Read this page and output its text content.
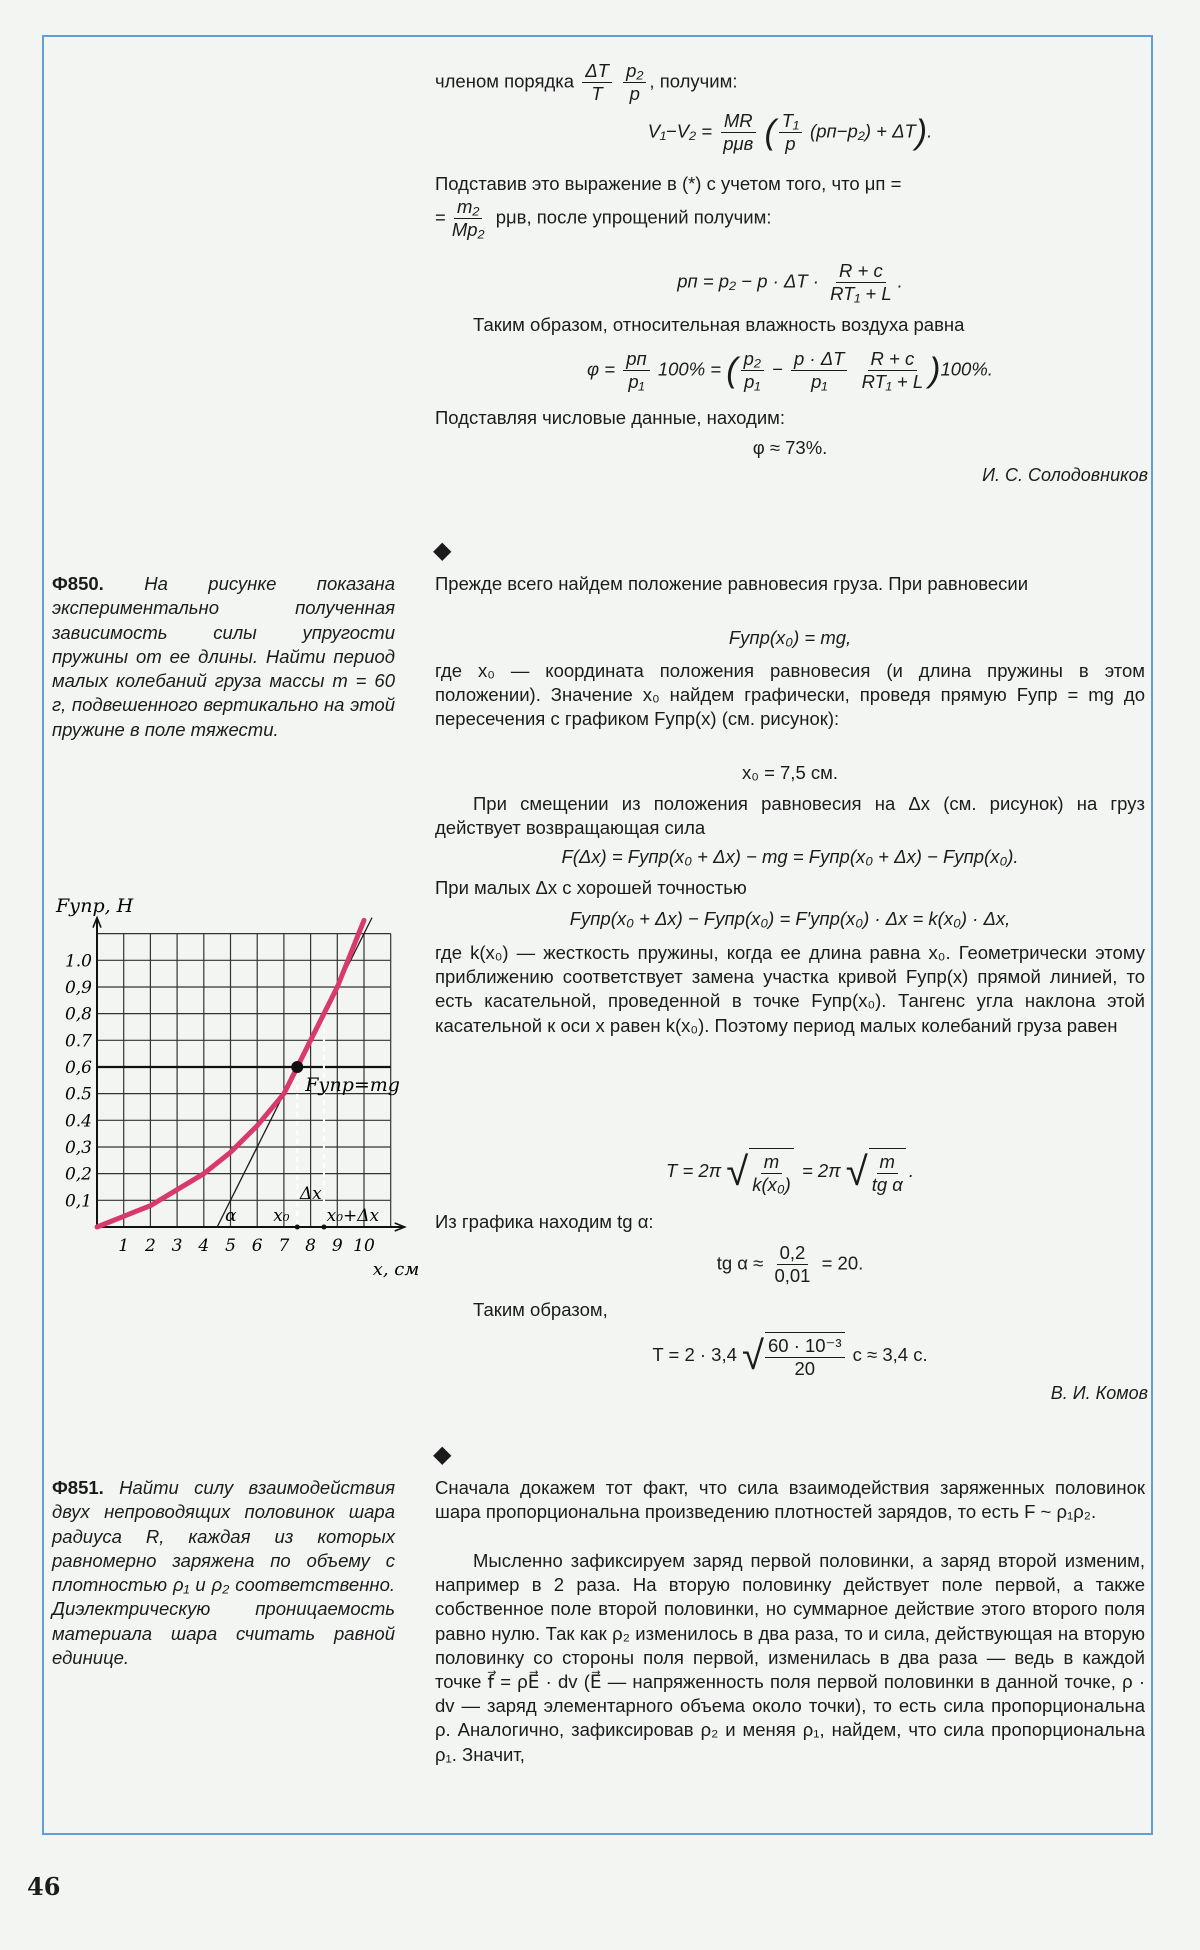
членом порядка $\frac{\Delta T}{T}$
$\frac{\text{p₂}}{p}$ , получим:
$V_1-V_2 = \frac{MR}{\text{pμв}}$ ( $\frac{\text{T₁}}{p} (pп-p_2) + \Delta T$).
Подставив это выражение в (*) с учетом того, что μп =
= $\frac{\text{m₂}}{\text{Mp₂}} p\mu в$, после упрощений получим:
pп = $p_2 - p \cdot \Delta T \cdot \frac{R + c}{\text{RT₁ + L}}$ .
Таким образом, относительная влажность воздуха равна
$\varphi = \frac{pп}{\text{p₁}} 100\%$ = ( $\frac{\text{p₂}}{\text{p₁}} - \frac{p \cdot \Delta T}{\text{p₁}}$
$\frac{R + c}{\text{RT₁ + L}} )100\%$.
Подставляя числовые данные, находим:
φ ≈ 73%.
И. С. Солодовников
◆
Ф850. На рисунке показана экспериментально полученная зависимость силы упругости пружины от ее длины. Найти период малых колебаний груза массы m = 60 г, подвешенного вертикально на этой пружине в поле тяжести.
Прежде всего найдем положение равновесия груза. При равновесии
Fупр(x₀) = mg,
где x₀ — координата положения равновесия (и длина пружины в этом положении). Значение x₀ найдем графически, проведя прямую Fупр = mg до пересечения с графиком Fупр(x) (см. рисунок):
x₀ = 7,5 см.
При смещении из положения равновесия на Δx (см. рисунок) на груз действует возвращающая сила
F(Δx) = Fупр(x₀ + Δx) − mg = Fупр(x₀ + Δx) − Fупр(x₀).
При малых Δx с хорошей точностью
Fупр(x₀ + Δx) − Fупр(x₀) = F′упр(x₀) · Δx = k(x₀) · Δx,
где k(x₀) — жесткость пружины, когда ее длина равна x₀. Геометрически этому приближению соответствует замена участка кривой Fупр(x) прямой линией, то есть касательной, проведенной в точке Fупр(x₀). Тангенс угла наклона этой касательной к оси x равен k(x₀). Поэтому период малых колебаний груза равен
T = 2π √ $\frac{m}{\text{k(x₀)}} = 2\pi$ √ $\frac{m}{\text{tg α}}$ .
Из графика находим tg α:
tg $\alpha \approx \frac{0,2}{0,01} = 20$.
Таким образом,
T = 2 · 3,4 √ $\frac{\text{60 · 10⁻³}}{20}$ с ≈ 3,4 с.
В. И. Комов
1 2 3 4 5 6 7 8 9 10
0,1
0,2
0,3
0.4
0.5
0,6
0.7
0,8
0,9
1.0
Fупр, Н
x, см
α x₀
Δx
x₀+Δx
Fупр=mg
◆
Ф851. Найти силу взаимодействия двух непроводящих половинок шара радиуса R, каждая из которых равномерно заряжена по объему с плотностью ρ₁ и ρ₂ соответственно. Диэлектрическую проницаемость материала шара считать равной единице.
Сначала докажем тот факт, что сила взаимодействия заряженных половинок шара пропорциональна произведению плотностей зарядов, то есть F ~ ρ₁ρ₂.
Мысленно зафиксируем заряд первой половинки, а заряд второй изменим, например в 2 раза. На вторую половинку действует поле первой, а также собственное поле второй половинки, но суммарное действие этого второго поля равно нулю. Так как ρ₂ изменилось в два раза, то и сила, действующая на вторую половинку со стороны поля первой, изменилась в два раза — ведь в каждой точке f⃗ = ρE⃗ · dv (E⃗ — напряженность поля первой половинки в данной точке, ρ · dv — заряд элементарного объема около точки), то есть сила пропорциональна ρ. Аналогично, зафиксировав ρ₂ и меняя ρ₁, найдем, что сила пропорциональна ρ₁. Значит,
46
